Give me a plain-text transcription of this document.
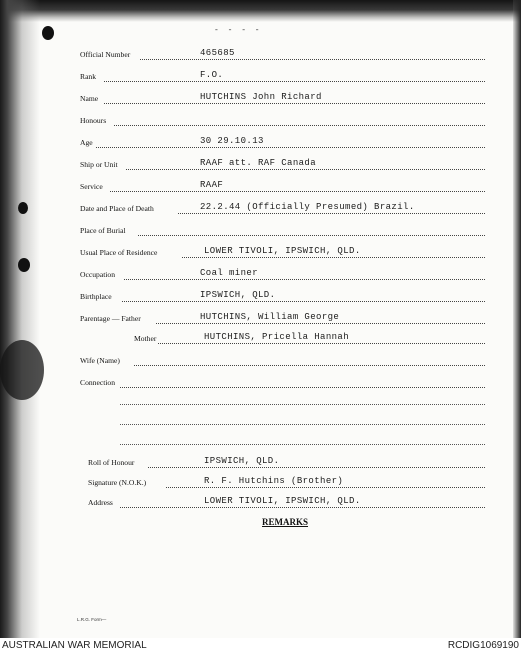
- - - -
Official Number	465685
Rank	F.O.
Name	HUTCHINS John Richard
Honours
Age	30 29.10.13
Ship or Unit	RAAF att. RAF Canada
Service	RAAF
Date and Place of Death	22.2.44 (Officially Presumed) Brazil.
Place of Burial
Usual Place of Residence	LOWER TIVOLI, IPSWICH, QLD.
Occupation	Coal miner
Birthplace	IPSWICH, QLD.
Parentage — Father	HUTCHINS, William George
Mother	HUTCHINS, Pricella Hannah
Wife (Name)
Connection
Roll of Honour	IPSWICH, QLD.
Signature (N.O.K.)	R. F. Hutchins (Brother)
Address	LOWER TIVOLI, IPSWICH, QLD.
REMARKS
L.R.G. Form—
AUSTRALIAN WAR MEMORIAL	RCDIG1069190
